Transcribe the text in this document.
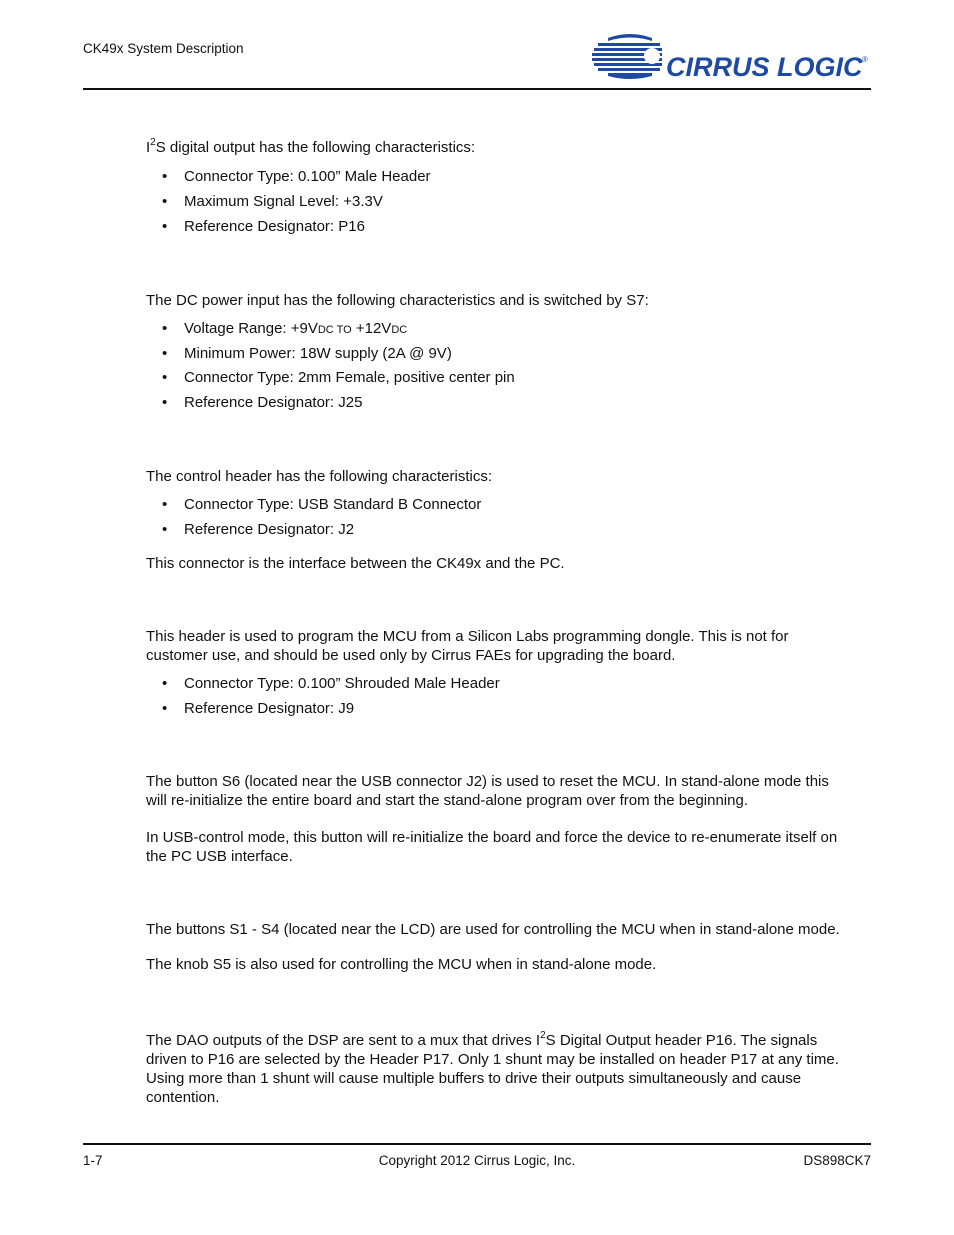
CK49x System Description
CIRRUS LOGIC ®

$I^2S$ digital output has the following characteristics:

• Connector Type: 0.100” Male Header
• Maximum Signal Level: +3.3V
• Reference Designator: P16

The DC power input has the following characteristics and is switched by S7:

• Voltage Range: +9VDC TO +12VDC
• Minimum Power: 18W supply (2A @ 9V)
• Connector Type: 2mm Female, positive center pin
• Reference Designator: J25

The control header has the following characteristics:

• Connector Type: USB Standard B Connector
• Reference Designator: J2

This connector is the interface between the CK49x and the PC.

This header is used to program the MCU from a Silicon Labs programming dongle. This is not for

customer use, and should be used only by Cirrus FAEs for upgrading the board.

• Connector Type: 0.100” Shrouded Male Header
• Reference Designator: J9

The button S6 (located near the USB connector J2) is used to reset the MCU. In stand-alone mode this

will re-initialize the entire board and start the stand-alone program over from the beginning.

In USB-control mode, this button will re-initialize the board and force the device to re-enumerate itself on

the PC USB interface.

The buttons S1 - S4 (located near the LCD) are used for controlling the MCU when in stand-alone mode.

The knob S5 is also used for controlling the MCU when in stand-alone mode.

The DAO outputs of the DSP are sent to a mux that drives $I^2S$ Digital Output header P16. The signals

driven to P16 are selected by the Header P17. Only 1 shunt may be installed on header P17 at any time.

Using more than 1 shunt will cause multiple buffers to drive their outputs simultaneously and cause

contention.

1-7	Copyright 2012 Cirrus Logic, Inc.	DS898CK7
